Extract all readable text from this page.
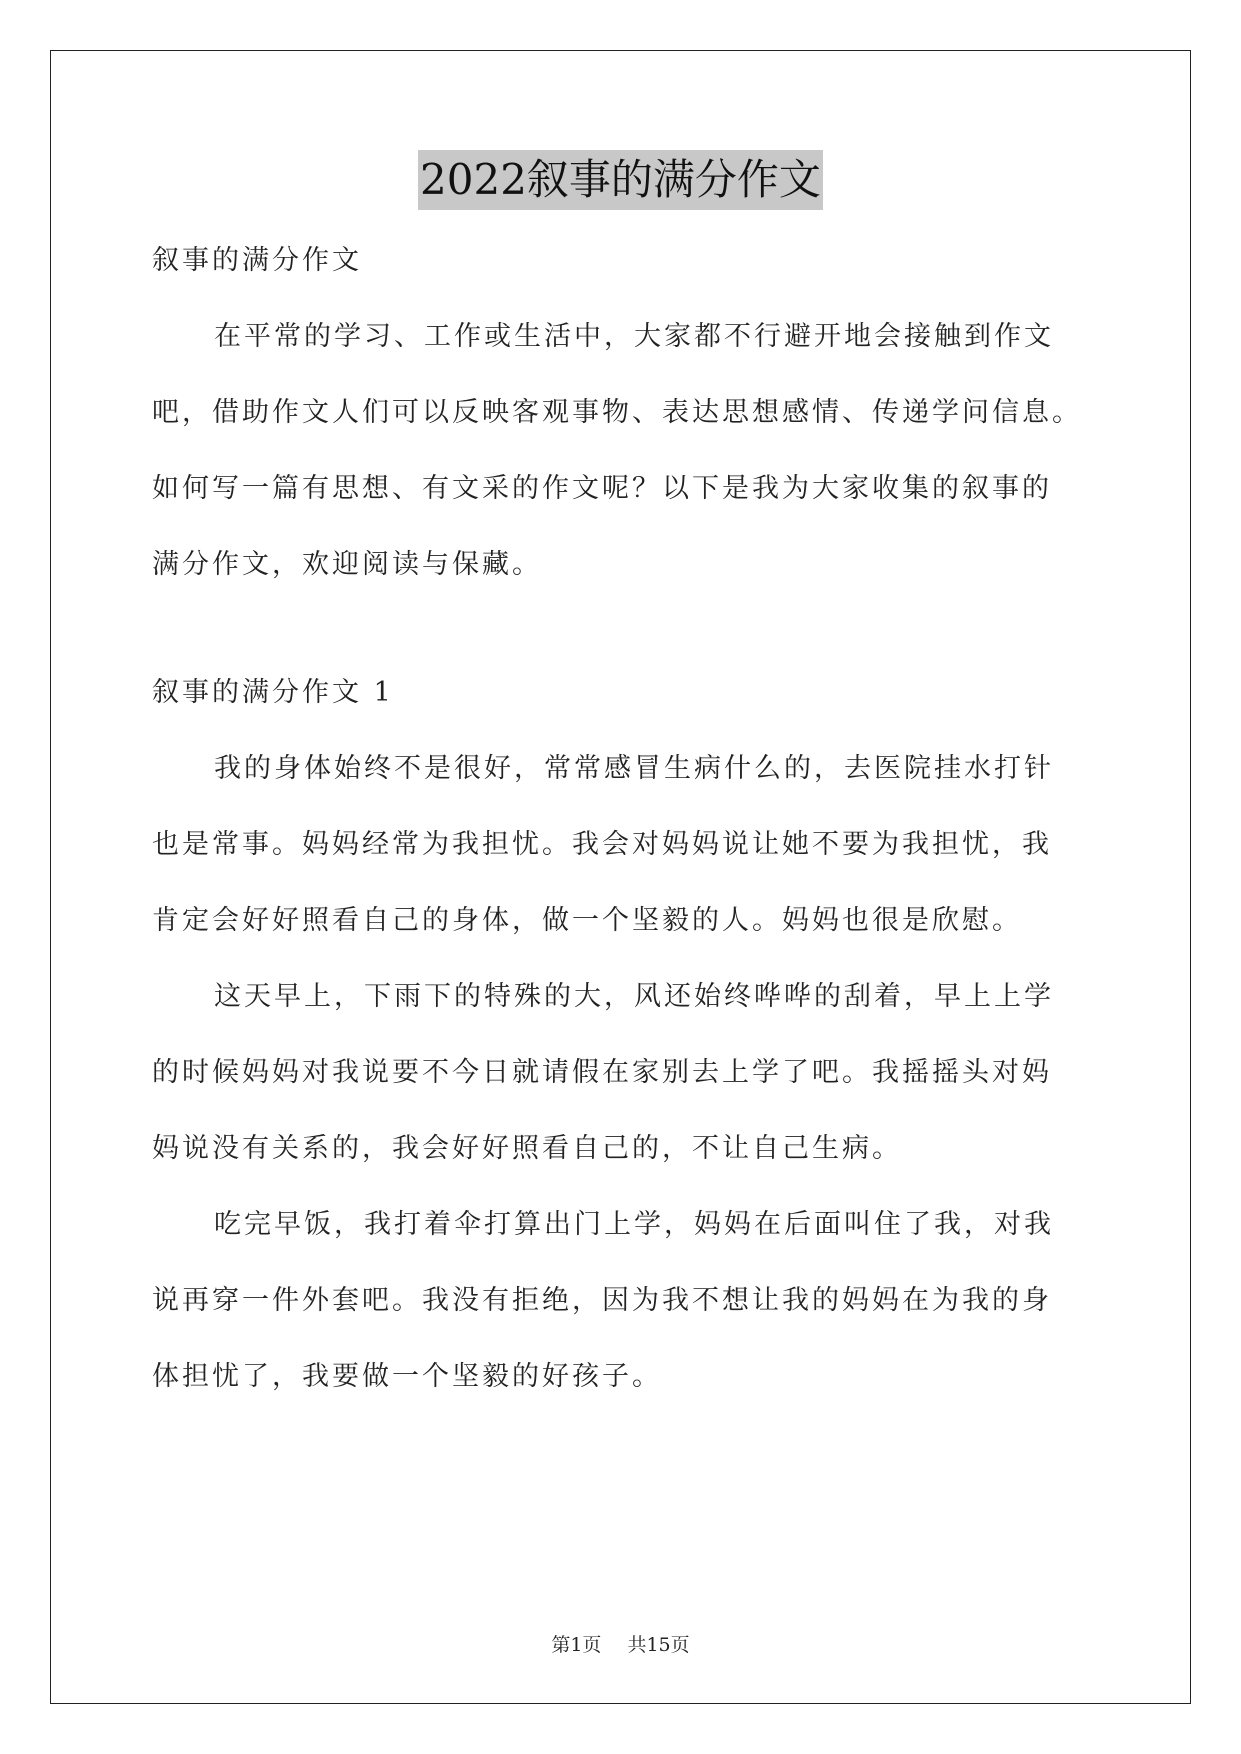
2022叙事的满分作文
叙事的满分作文
在平常的学习、工作或生活中，大家都不行避开地会接触到作文
吧，借助作文人们可以反映客观事物、表达思想感情、传递学问信息。
如何写一篇有思想、有文采的作文呢？以下是我为大家收集的叙事的
满分作文，欢迎阅读与保藏。
叙事的满分作文 1
我的身体始终不是很好，常常感冒生病什么的，去医院挂水打针
也是常事。妈妈经常为我担忧。我会对妈妈说让她不要为我担忧，我
肯定会好好照看自己的身体，做一个坚毅的人。妈妈也很是欣慰。
这天早上，下雨下的特殊的大，风还始终哗哗的刮着，早上上学
的时候妈妈对我说要不今日就请假在家别去上学了吧。我摇摇头对妈
妈说没有关系的，我会好好照看自己的，不让自己生病。
吃完早饭，我打着伞打算出门上学，妈妈在后面叫住了我，对我
说再穿一件外套吧。我没有拒绝，因为我不想让我的妈妈在为我的身
体担忧了，我要做一个坚毅的好孩子。
第1页 共15页
